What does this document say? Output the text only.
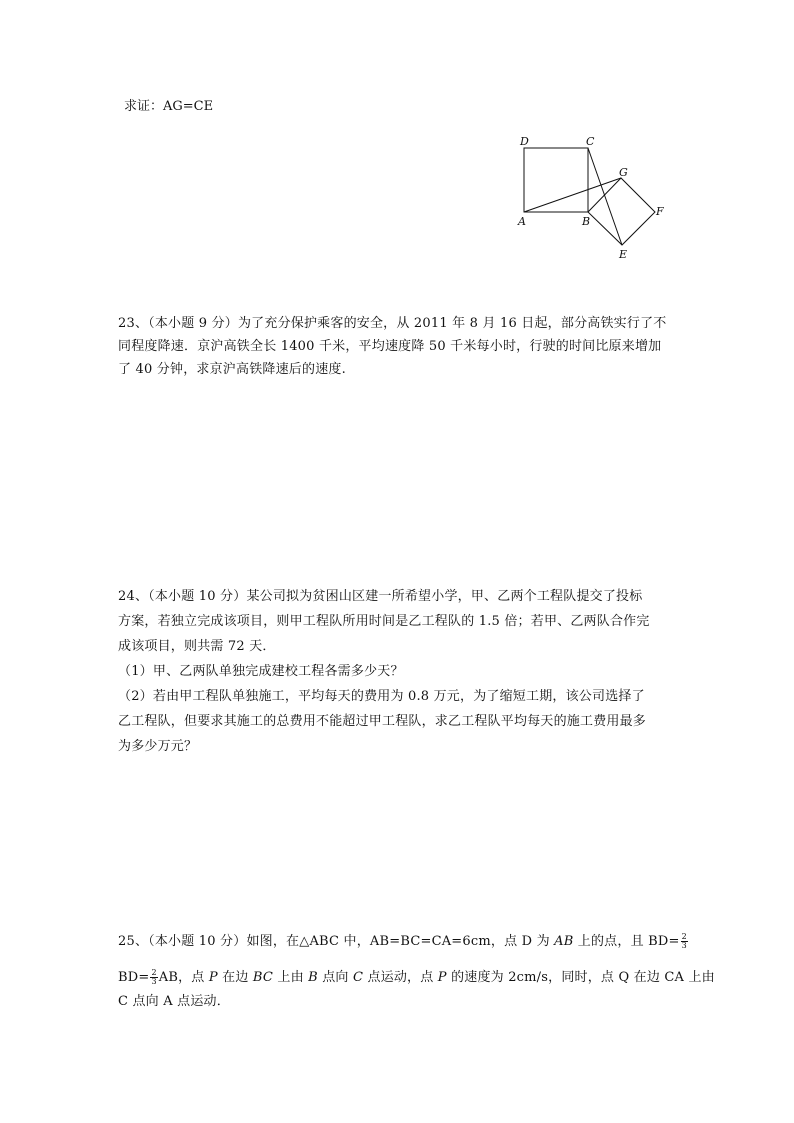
求证：AG=CE
D	C
G
F
A	B
E
23、（本小题 9 分）为了充分保护乘客的安全，从 2011 年 8 月 16 日起，部分高铁实行了不
同程度降速．京沪高铁全长 1400 千米，平均速度降 50 千米每小时，行驶的时间比原来增加
了 40 分钟，求京沪高铁降速后的速度.
24、（本小题 10 分）某公司拟为贫困山区建一所希望小学，甲、乙两个工程队提交了投标
方案，若独立完成该项目，则甲工程队所用时间是乙工程队的 1.5 倍；若甲、乙两队合作完
成该项目，则共需 72 天．
（1）甲、乙两队单独完成建校工程各需多少天？
（2）若由甲工程队单独施工，平均每天的费用为 0.8 万元，为了缩短工期，该公司选择了
乙工程队，但要求其施工的总费用不能超过甲工程队，求乙工程队平均每天的施工费用最多
为多少万元？
25、（本小题 10 分）如图，在△ABC 中，AB=BC=CA=6cm，点 D 为 AB 上的点，且 $BD= \frac{2}{3}$
$BD= \frac{2}{3}$ AB，点 P 在边 BC 上由 B 点向 C 点运动，点 P 的速度为 2cm/s，同时，点 Q 在边 CA 上由
C 点向 A 点运动．
